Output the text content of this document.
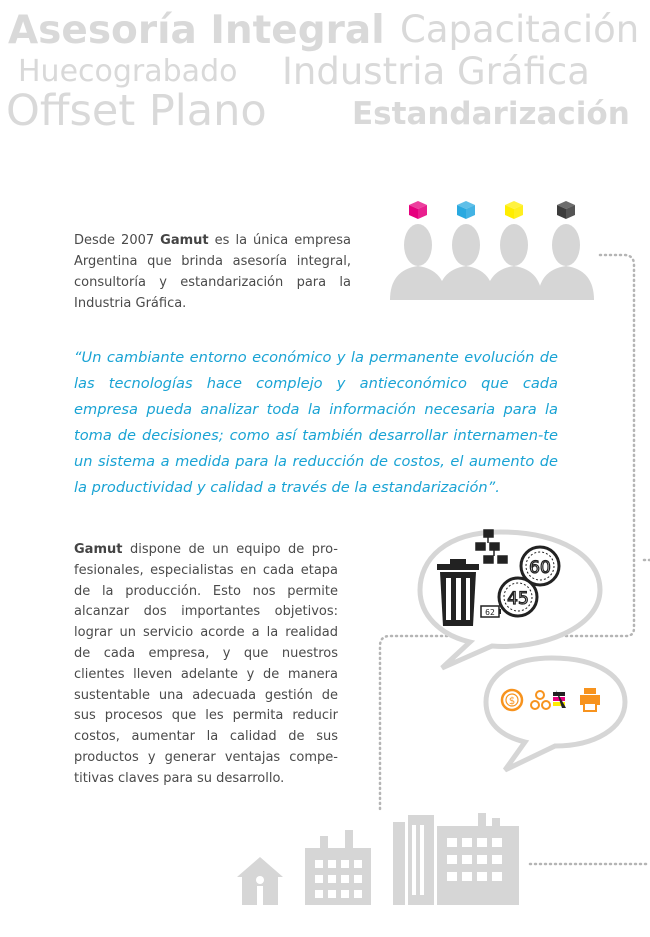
Asesoría Integral Capacitación
Huecograbado Industria Gráfica
Offset Plano	Estandarización
Desde 2007 Gamut es la única empresa Argentina que brinda asesoría integral, consultoría y estandarización para la Industria Gráfica.
“Un cambiante entorno económico y la permanente evolución de las tecnologías hace complejo y antieconómico que cada empresa pueda analizar toda la información necesaria para la toma de decisiones; como así también desarrollar internamen-te un sistema a medida para la reducción de costos, el aumento de la productividad y calidad a través de la estandarización”.
Gamut dispone de un equipo de pro-fesionales, especialistas en cada etapa de la producción. Esto nos permite alcanzar dos importantes objetivos: lograr un servicio acorde a la realidad de cada empresa, y que nuestros clientes lleven adelante y de manera sustentable una adecuada gestión de sus procesos que les permita reducir costos, aumentar la calidad de sus productos y generar ventajas compe-titivas claves para su desarrollo.
62
60
45
$
